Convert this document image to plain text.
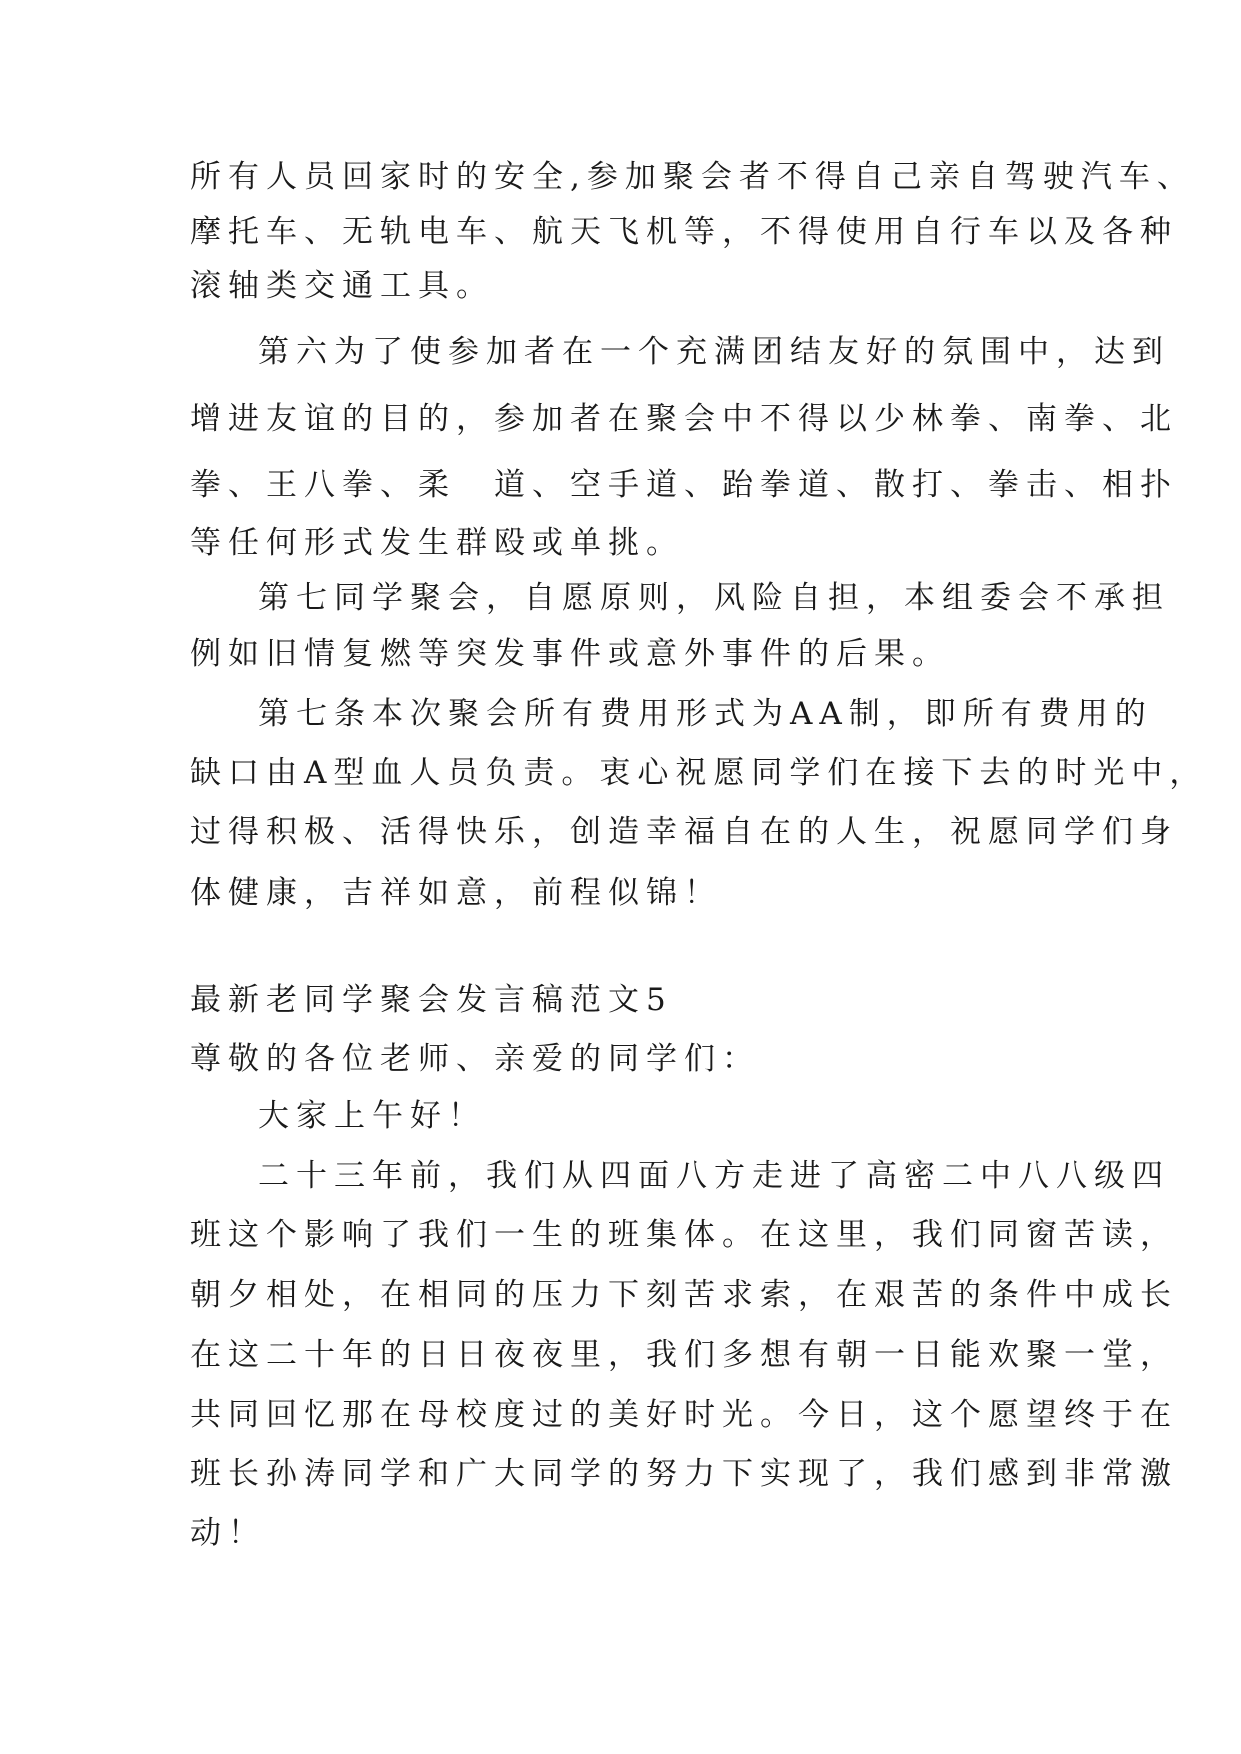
所有人员回家时的安全,参加聚会者不得自己亲自驾驶汽车、
摩托车、无轨电车、航天飞机等，不得使用自行车以及各种
滚轴类交通工具。
第六为了使参加者在一个充满团结友好的氛围中，达到
增进友谊的目的，参加者在聚会中不得以少林拳、南拳、北
拳、王八拳、柔　道、空手道、跆拳道、散打、拳击、相扑
等任何形式发生群殴或单挑。
第七同学聚会，自愿原则，风险自担，本组委会不承担
例如旧情复燃等突发事件或意外事件的后果。
第七条本次聚会所有费用形式为AA制，即所有费用的
缺口由A型血人员负责。衷心祝愿同学们在接下去的时光中，
过得积极、活得快乐，创造幸福自在的人生，祝愿同学们身
体健康，吉祥如意，前程似锦！
最新老同学聚会发言稿范文5
尊敬的各位老师、亲爱的同学们：
大家上午好！
二十三年前，我们从四面八方走进了高密二中八八级四
班这个影响了我们一生的班集体。在这里，我们同窗苦读，
朝夕相处，在相同的压力下刻苦求索，在艰苦的条件中成长
在这二十年的日日夜夜里，我们多想有朝一日能欢聚一堂，
共同回忆那在母校度过的美好时光。今日，这个愿望终于在
班长孙涛同学和广大同学的努力下实现了，我们感到非常激
动！
